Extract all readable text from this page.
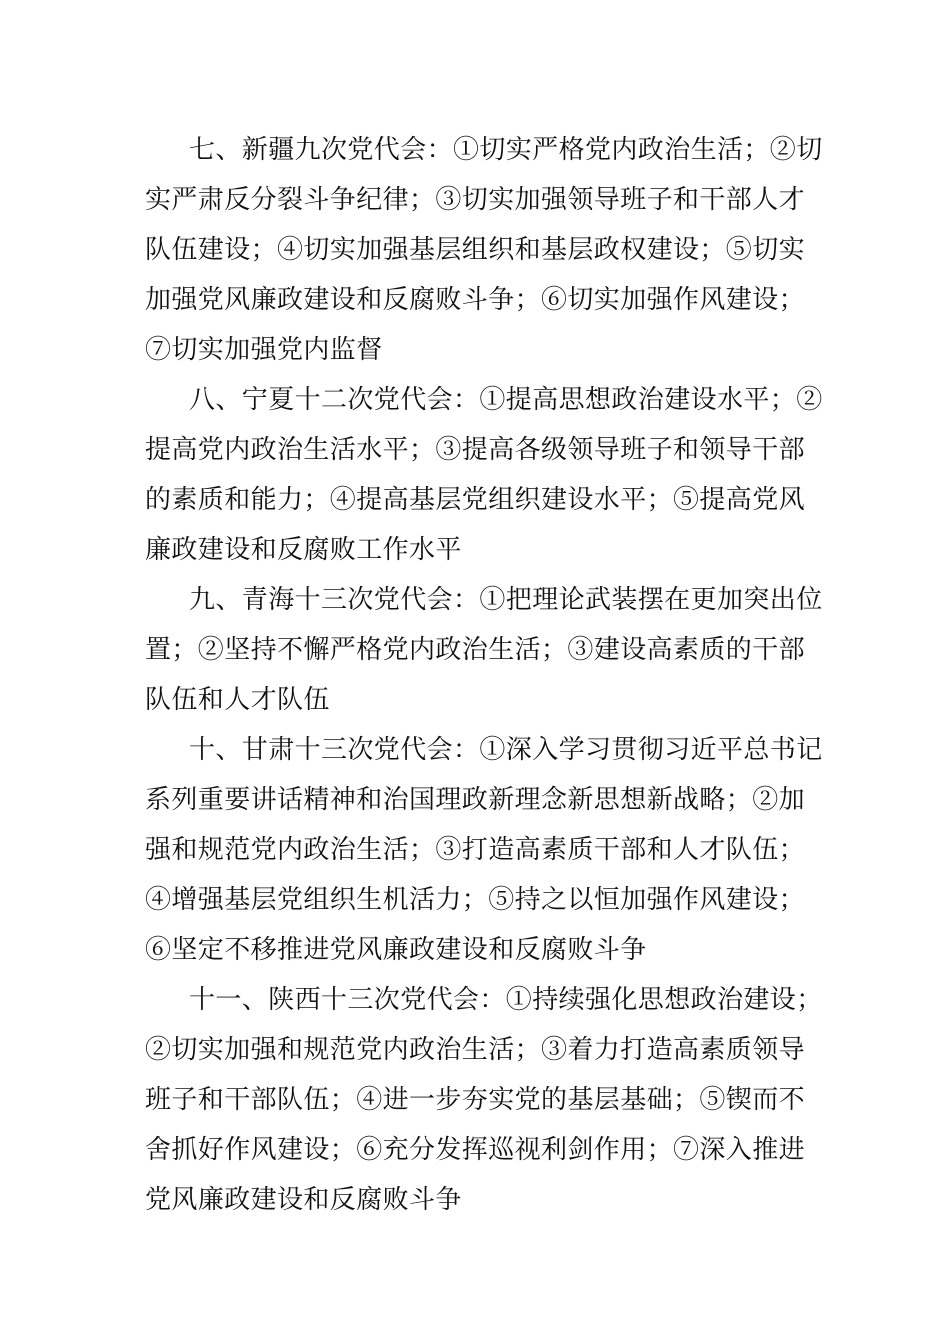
七、新疆九次党代会：①切实严格党内政治生活；②切
实严肃反分裂斗争纪律；③切实加强领导班子和干部人才
队伍建设；④切实加强基层组织和基层政权建设；⑤切实
加强党风廉政建设和反腐败斗争；⑥切实加强作风建设；
⑦切实加强党内监督
八、宁夏十二次党代会：①提高思想政治建设水平；②
提高党内政治生活水平；③提高各级领导班子和领导干部
的素质和能力；④提高基层党组织建设水平；⑤提高党风
廉政建设和反腐败工作水平
九、青海十三次党代会：①把理论武装摆在更加突出位
置；②坚持不懈严格党内政治生活；③建设高素质的干部
队伍和人才队伍
十、甘肃十三次党代会：①深入学习贯彻习近平总书记
系列重要讲话精神和治国理政新理念新思想新战略；②加
强和规范党内政治生活；③打造高素质干部和人才队伍；
④增强基层党组织生机活力；⑤持之以恒加强作风建设；
⑥坚定不移推进党风廉政建设和反腐败斗争
十一、陕西十三次党代会：①持续强化思想政治建设；
②切实加强和规范党内政治生活；③着力打造高素质领导
班子和干部队伍；④进一步夯实党的基层基础；⑤锲而不
舍抓好作风建设；⑥充分发挥巡视利剑作用；⑦深入推进
党风廉政建设和反腐败斗争
